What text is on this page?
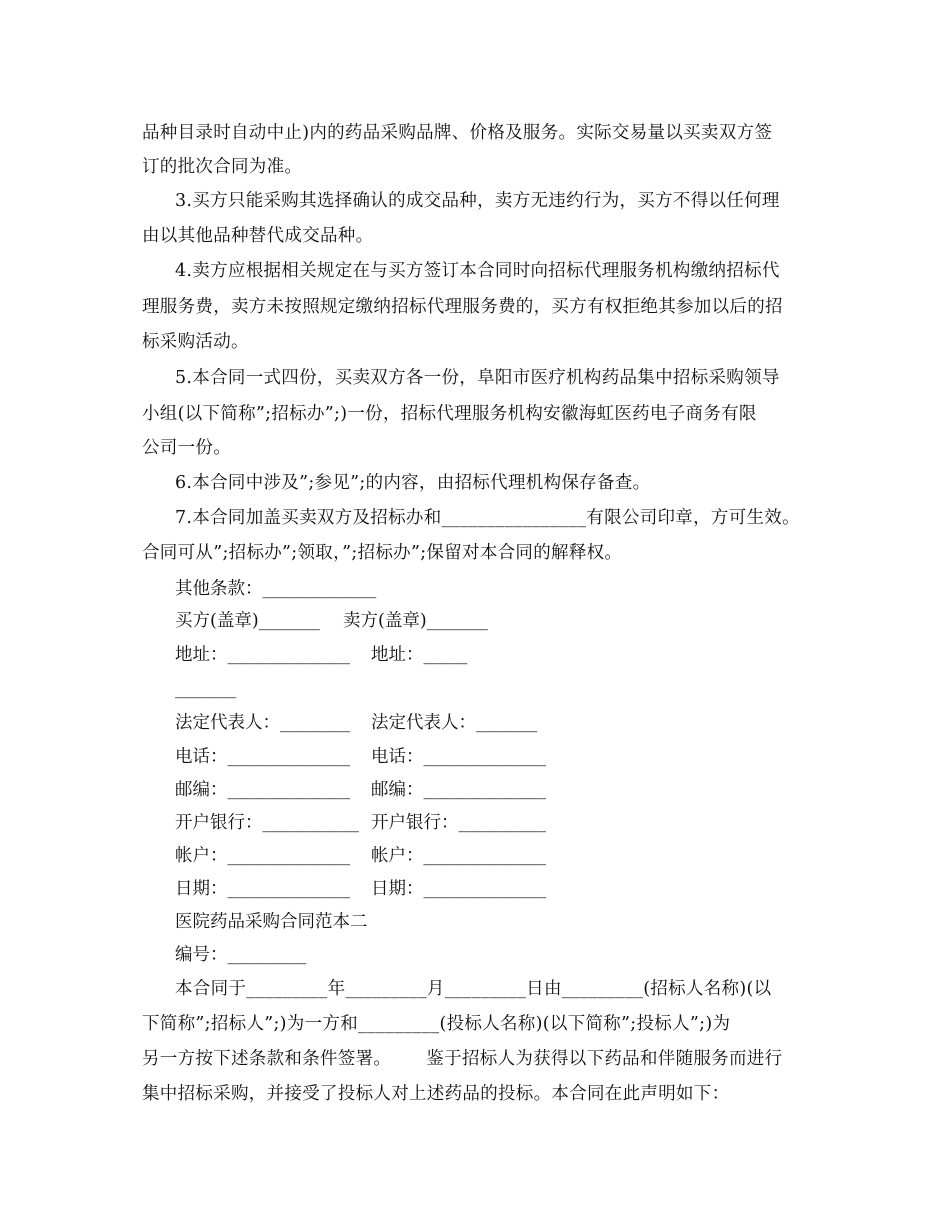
品种目录时自动中止)内的药品采购品牌、价格及服务。实际交易量以买卖双方签
订的批次合同为准。
3.买方只能采购其选择确认的成交品种，卖方无违约行为，买方不得以任何理
由以其他品种替代成交品种。
4.卖方应根据相关规定在与买方签订本合同时向招标代理服务机构缴纳招标代
理服务费，卖方未按照规定缴纳招标代理服务费的，买方有权拒绝其参加以后的招
标采购活动。
5.本合同一式四份，买卖双方各一份，阜阳市医疗机构药品集中招标采购领导
小组(以下简称”;招标办”;)一份，招标代理服务机构安徽海虹医药电子商务有限
公司一份。
6.本合同中涉及”;参见”;的内容，由招标代理机构保存备查。
7.本合同加盖买卖双方及招标办和________________有限公司印章，方可生效。
合同可从”;招标办”;领取，”;招标办”;保留对本合同的解释权。
其他条款：_____________
买方(盖章)_______ 卖方(盖章)_______
地址：______________ 地址：_____
_______
法定代表人：________ 法定代表人：_______
电话：______________ 电话：______________
邮编：______________ 邮编：______________
开户银行：___________ 开户银行：__________
帐户：______________ 帐户：______________
日期：______________ 日期：______________
医院药品采购合同范本二
编号：_________
本合同于_________年_________月_________日由_________(招标人名称)(以
下简称”;招标人”;)为一方和_________(投标人名称)(以下简称”;投标人”;)为
另一方按下述条款和条件签署。      鉴于招标人为获得以下药品和伴随服务而进行
集中招标采购，并接受了投标人对上述药品的投标。本合同在此声明如下：
